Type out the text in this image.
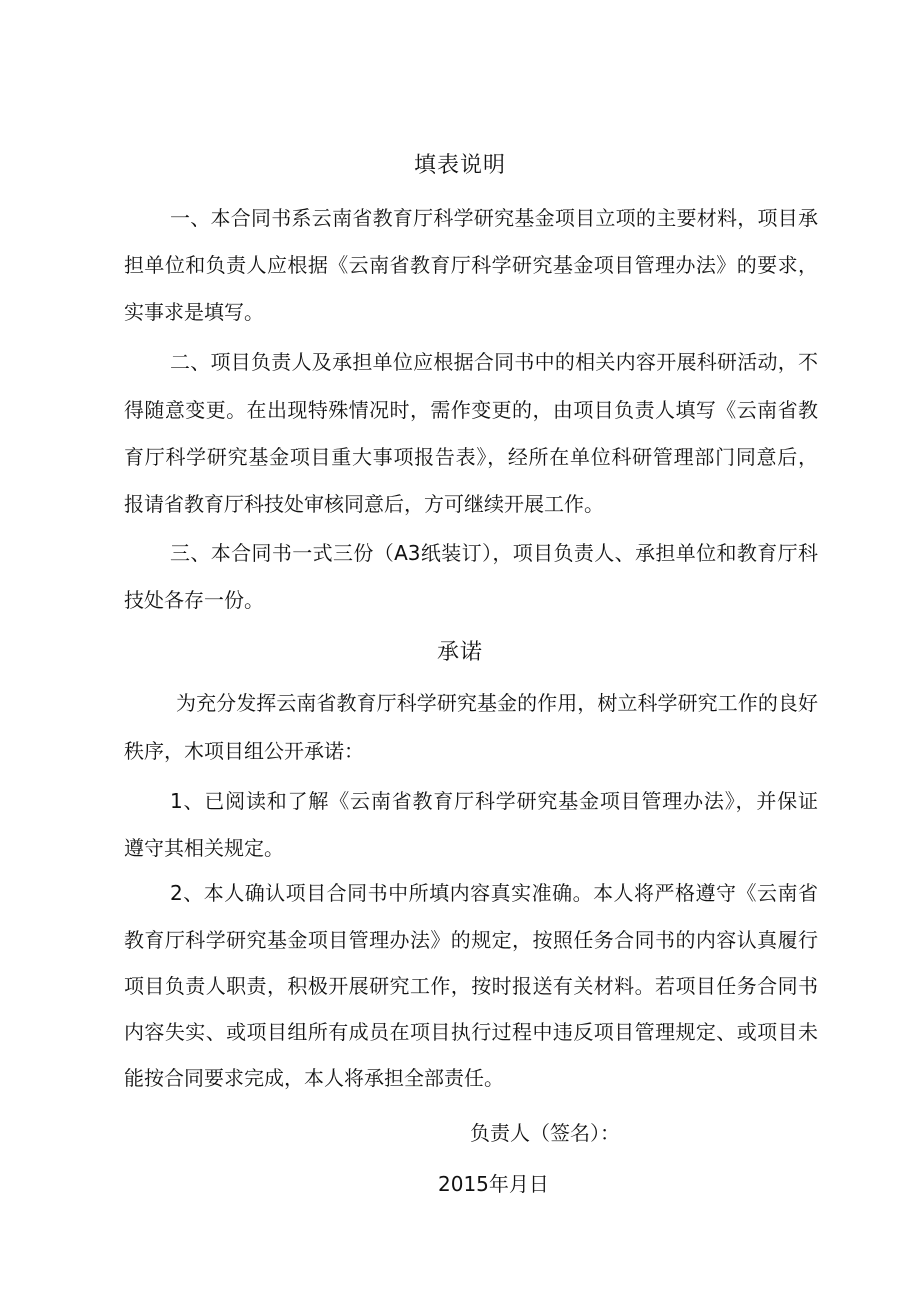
填表说明
一、本合同书系云南省教育厅科学研究基金项目立项的主要材料，项目承
担单位和负责人应根据《云南省教育厅科学研究基金项目管理办法》的要求，
实事求是填写。
二、项目负责人及承担单位应根据合同书中的相关内容开展科研活动，不
得随意变更。在出现特殊情况时，需作变更的，由项目负责人填写《云南省教
育厅科学研究基金项目重大事项报告表》，经所在单位科研管理部门同意后，
报请省教育厅科技处审核同意后，方可继续开展工作。
三、本合同书一式三份（A3纸装订），项目负责人、承担单位和教育厅科
技处各存一份。
承诺
为充分发挥云南省教育厅科学研究基金的作用，树立科学研究工作的良好
秩序，木项目组公开承诺：
1、已阅读和了解《云南省教育厅科学研究基金项目管理办法》，并保证
遵守其相关规定。
2、本人确认项目合同书中所填内容真实准确。本人将严格遵守《云南省
教育厅科学研究基金项目管理办法》的规定，按照任务合同书的内容认真履行
项目负责人职责，积极开展研究工作，按时报送有关材料。若项目任务合同书
内容失实、或项目组所有成员在项目执行过程中违反项目管理规定、或项目未
能按合同要求完成，本人将承担全部责任。
负责人（签名）：
2015年月日
